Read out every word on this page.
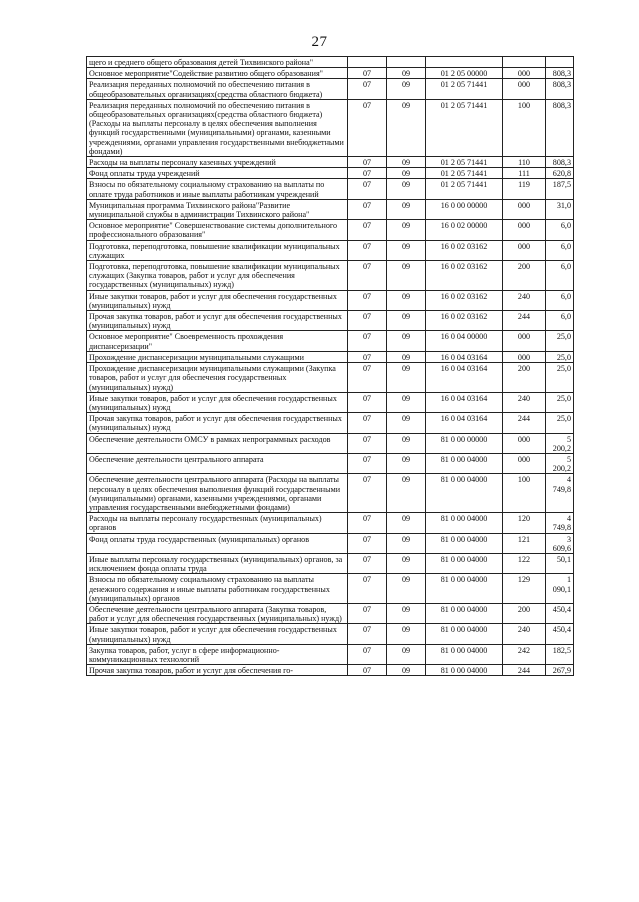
27
щего и среднего общего образования детей Тихвинского района"					
Основное мероприятие"Содействие развитию общего образования"	07	09	01 2 05 00000	000	808,3
Реализация переданных полномочий по обеспечению питания в общеобразовательных организациях(средства областного бюджета)	07	09	01 2 05 71441	000	808,3
Реализация переданных полномочий по обеспечению питания в общеобразовательных организациях(средства областного бюджета) (Расходы на выплаты персоналу в целях обеспечения выполнения функций государственными (муниципальными) органами, казенными учреждениями, органами управления государственными внебюджетными фондами)	07	09	01 2 05 71441	100	808,3
Расходы на выплаты персоналу казенных учреждений	07	09	01 2 05 71441	110	808,3
Фонд оплаты труда учреждений	07	09	01 2 05 71441	111	620,8
Взносы по обязательному социальному страхованию на выплаты по оплате труда работников и иные выплаты работникам учреждений	07	09	01 2 05 71441	119	187,5
Муниципальная программа Тихвинского района"Развитие муниципальной службы в администрации Тихвинского района"	07	09	16 0 00 00000	000	31,0
Основное мероприятие" Совершенствование системы дополнительного профессионального образования"	07	09	16 0 02 00000	000	6,0
Подготовка, переподготовка, повышение квалификации муниципальных служащих	07	09	16 0 02 03162	000	6,0
Подготовка, переподготовка, повышение квалификации муниципальных служащих (Закупка товаров, работ и услуг для обеспечения государственных (муниципальных) нужд)	07	09	16 0 02 03162	200	6,0
Иные закупки товаров, работ и услуг для обеспечения государственных (муниципальных) нужд	07	09	16 0 02 03162	240	6,0
Прочая закупка товаров, работ и услуг для обеспечения государственных (муниципальных) нужд	07	09	16 0 02 03162	244	6,0
Основное мероприятие" Своевременность прохождения диспансеризации"	07	09	16 0 04 00000	000	25,0
Прохождение диспансеризации муниципальными служащими	07	09	16 0 04 03164	000	25,0
Прохождение диспансеризации муниципальными служащими (Закупка товаров, работ и услуг для обеспечения государственных (муниципальных) нужд)	07	09	16 0 04 03164	200	25,0
Иные закупки товаров, работ и услуг для обеспечения государственных (муниципальных) нужд	07	09	16 0 04 03164	240	25,0
Прочая закупка товаров, работ и услуг для обеспечения государственных (муниципальных) нужд	07	09	16 0 04 03164	244	25,0
Обеспечение деятельности ОМСУ в рамках непрограммных расходов	07	09	81 0 00 00000	000	5 200,2
Обеспечение деятельности центрального аппарата	07	09	81 0 00 04000	000	5 200,2
Обеспечение деятельности центрального аппарата (Расходы на выплаты персоналу в целях обеспечения выполнения функций государственными (муниципальными) органами, казенными учреждениями, органами управления государственными внебюджетными фондами)	07	09	81 0 00 04000	100	4 749,8
Расходы на выплаты персоналу государственных (муниципальных) органов	07	09	81 0 00 04000	120	4 749,8
Фонд оплаты труда государственных (муниципальных) органов	07	09	81 0 00 04000	121	3 609,6
Иные выплаты персоналу государственных (муниципальных) органов, за исключением фонда оплаты труда	07	09	81 0 00 04000	122	50,1
Взносы по обязательному социальному страхованию на выплаты денежного содержания и иные выплаты работникам государственных (муниципальных) органов	07	09	81 0 00 04000	129	1 090,1
Обеспечение деятельности центрального аппарата (Закупка товаров, работ и услуг для обеспечения государственных (муниципальных) нужд)	07	09	81 0 00 04000	200	450,4
Иные закупки товаров, работ и услуг для обеспечения государственных (муниципальных) нужд	07	09	81 0 00 04000	240	450,4
Закупка товаров, работ, услуг в сфере информационно-коммуникационных технологий	07	09	81 0 00 04000	242	182,5
Прочая закупка товаров, работ и услуг для обеспечения го-	07	09	81 0 00 04000	244	267,9
